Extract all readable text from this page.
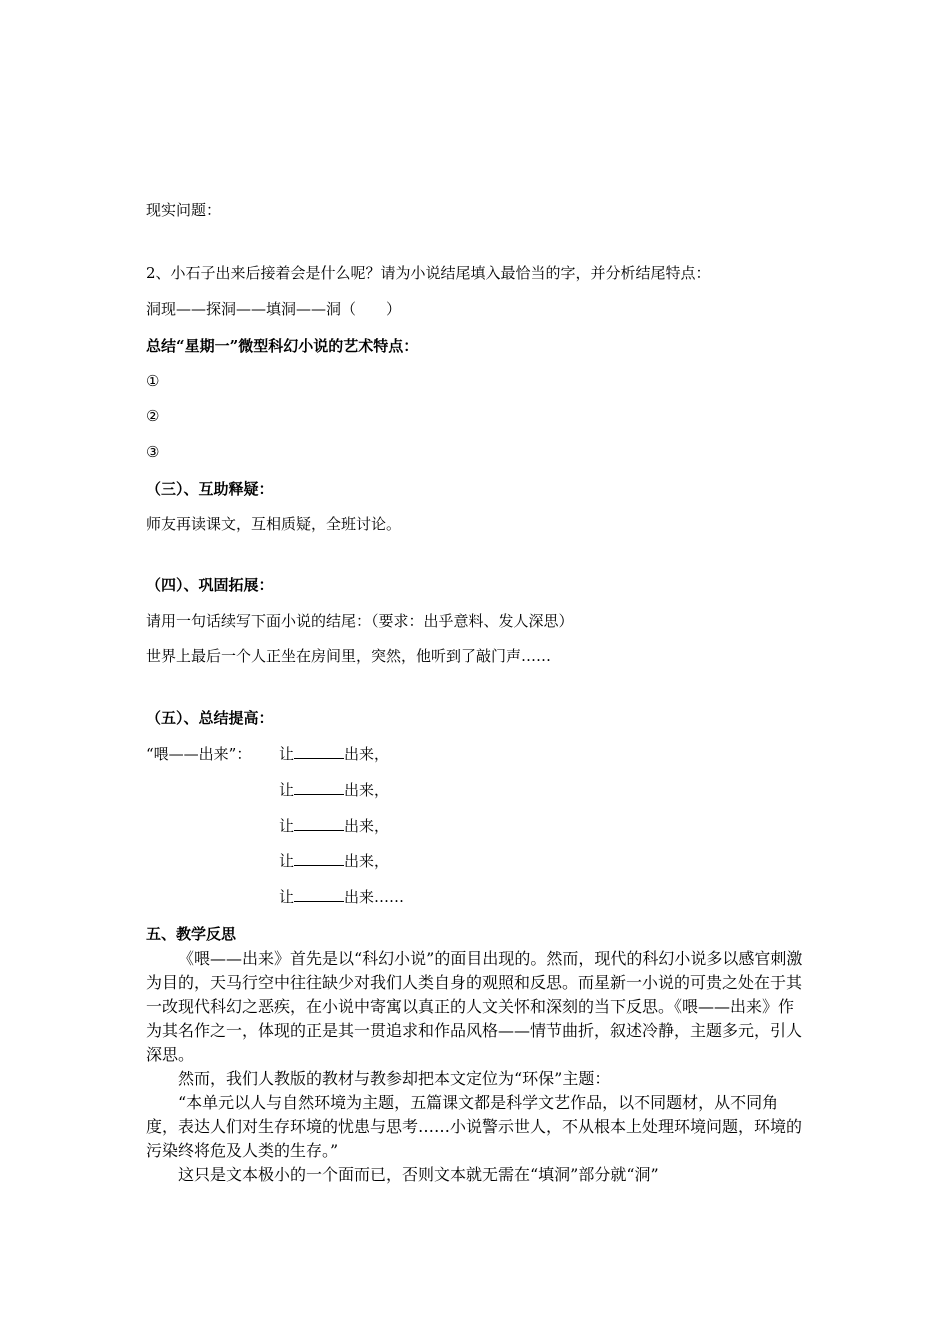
现实问题：
2、小石子出来后接着会是什么呢？请为小说结尾填入最恰当的字，并分析结尾特点：
洞现——探洞——填洞——洞（　　）
总结“星期一”微型科幻小说的艺术特点：
①
②
③
（三）、互助释疑：
师友再读课文，互相质疑，全班讨论。
（四）、巩固拓展：
请用一句话续写下面小说的结尾：（要求：出乎意料、发人深思）
世界上最后一个人正坐在房间里，突然，他听到了敲门声……
（五）、总结提高：
“喂——出来”： 让	出来，
让	出来，
让	出来，
让	出来，
让	出来……
五、教学反思

《喂——出来》首先是以“科幻小说”的面目出现的。然而，现代的科幻小说多以感官刺激为目的，天马行空中往往缺少对我们人类自身的观照和反思。而星新一小说的可贵之处在于其一改现代科幻之恶疾，在小说中寄寓以真正的人文关怀和深刻的当下反思。《喂——出来》作为其名作之一，体现的正是其一贯追求和作品风格——情节曲折，叙述冷静，主题多元，引人深思。

然而，我们人教版的教材与教参却把本文定位为“环保”主题：

“本单元以人与自然环境为主题，五篇课文都是科学文艺作品，以不同题材，从不同角度，表达人们对生存环境的忧患与思考……小说警示世人，不从根本上处理环境问题，环境的污染终将危及人类的生存。”

这只是文本极小的一个面而已，否则文本就无需在“填洞”部分就“洞”
